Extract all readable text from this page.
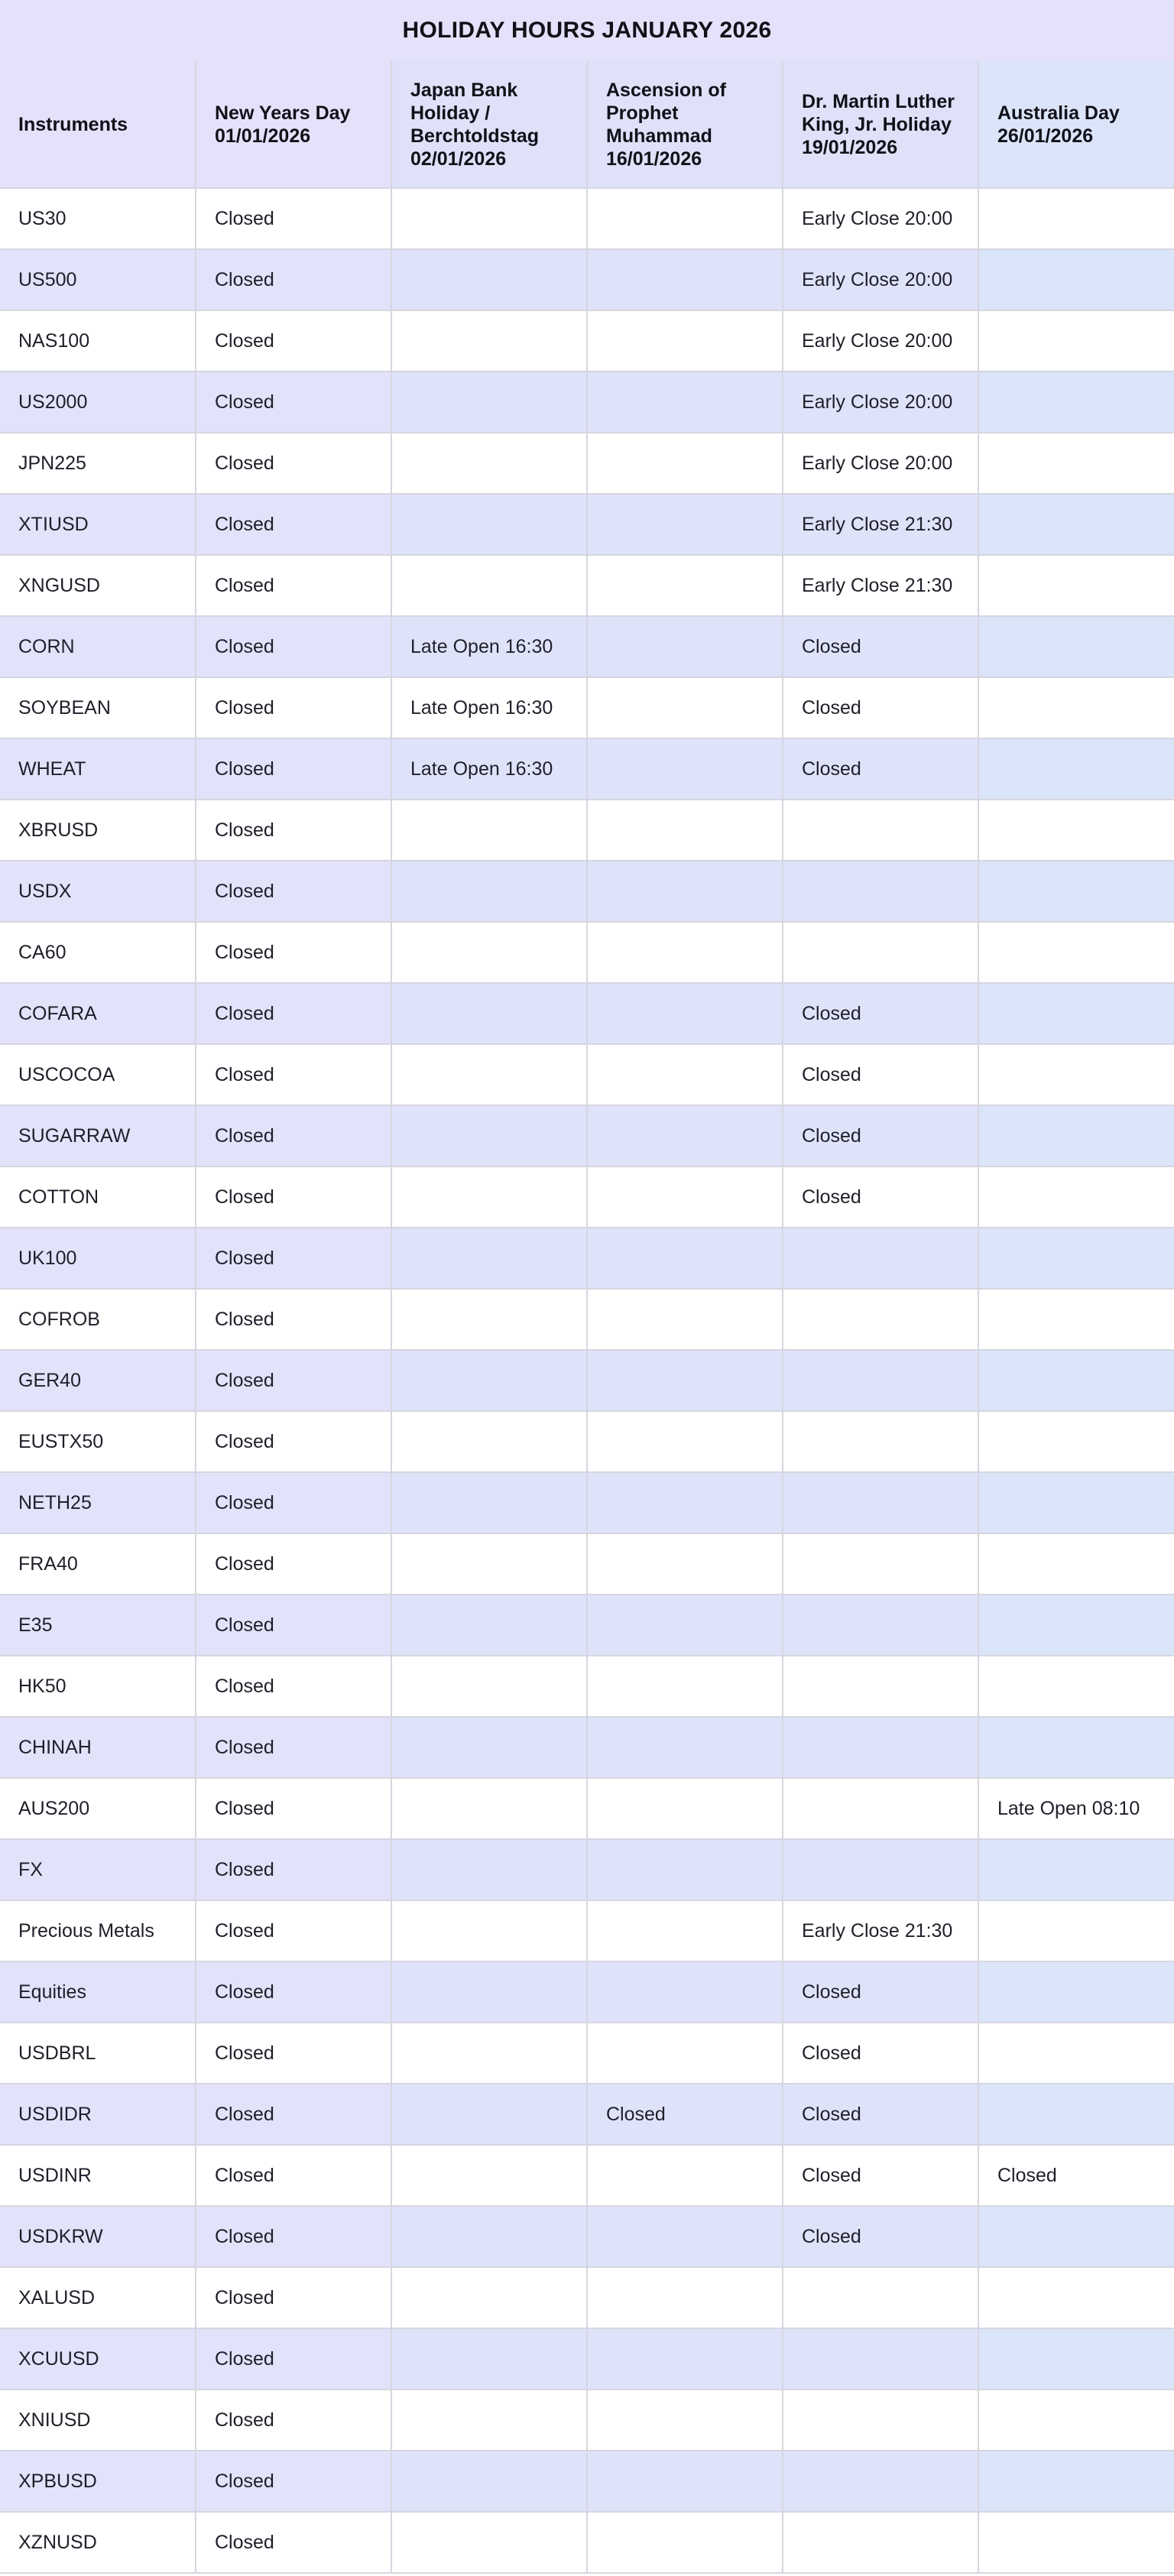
HOLIDAY HOURS JANUARY 2026
Instruments	New Years Day
01/01/2026	Japan Bank
Holiday /
Berchtoldstag
02/01/2026	Ascension of
Prophet
Muhammad
16/01/2026	Dr. Martin Luther
King, Jr. Holiday
19/01/2026	Australia Day
26/01/2026
US30	Closed			Early Close 20:00	
US500	Closed			Early Close 20:00	
NAS100	Closed			Early Close 20:00	
US2000	Closed			Early Close 20:00	
JPN225	Closed			Early Close 20:00	
XTIUSD	Closed			Early Close 21:30	
XNGUSD	Closed			Early Close 21:30	
CORN	Closed	Late Open 16:30		Closed	
SOYBEAN	Closed	Late Open 16:30		Closed	
WHEAT	Closed	Late Open 16:30		Closed	
XBRUSD	Closed				
USDX	Closed				
CA60	Closed				
COFARA	Closed			Closed	
USCOCOA	Closed			Closed	
SUGARRAW	Closed			Closed	
COTTON	Closed			Closed	
UK100	Closed				
COFROB	Closed				
GER40	Closed				
EUSTX50	Closed				
NETH25	Closed				
FRA40	Closed				
E35	Closed				
HK50	Closed				
CHINAH	Closed				
AUS200	Closed				Late Open 08:10
FX	Closed				
Precious Metals	Closed			Early Close 21:30	
Equities	Closed			Closed	
USDBRL	Closed			Closed	
USDIDR	Closed		Closed	Closed	
USDINR	Closed			Closed	Closed
USDKRW	Closed			Closed	
XALUSD	Closed				
XCUUSD	Closed				
XNIUSD	Closed				
XPBUSD	Closed				
XZNUSD	Closed				
